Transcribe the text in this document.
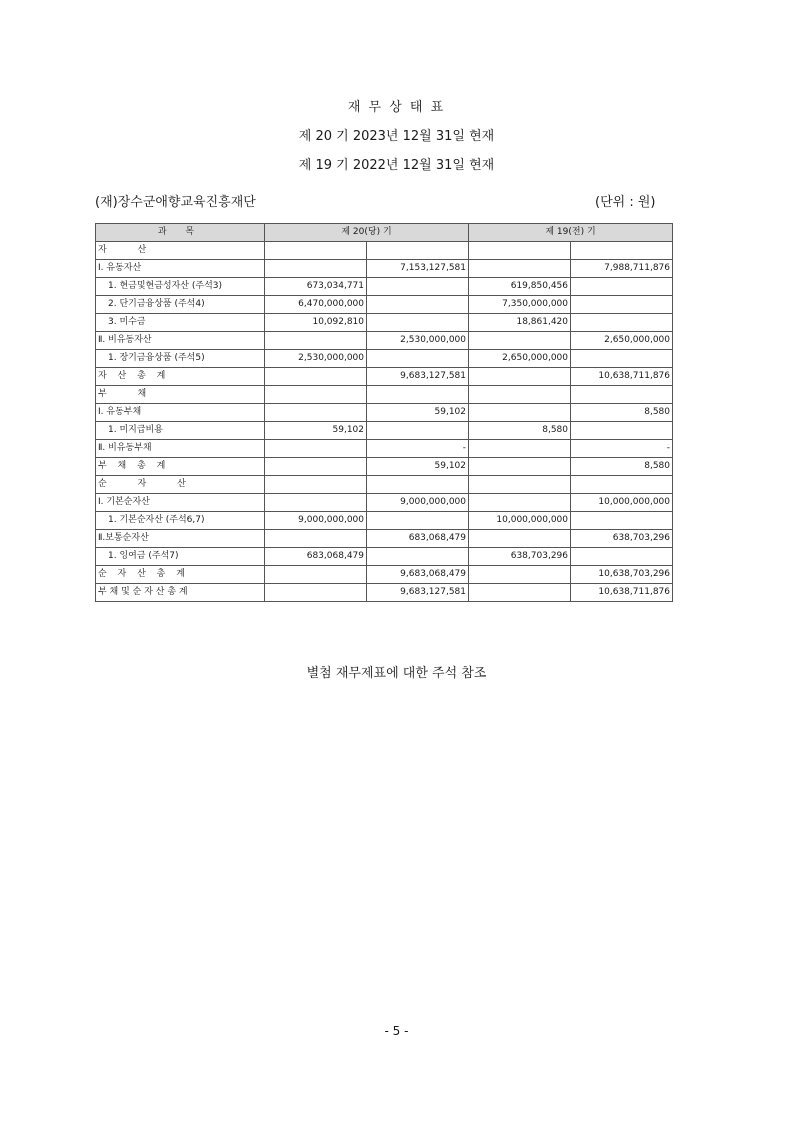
재 무 상 태 표
제 20 기 2023년 12월 31일 현재
제 19 기 2022년 12월 31일 현재
(재)장수군애향교육진흥재단	(단위 : 원)
과 목	제 20(당) 기		제 19(전) 기	
자 산				
Ⅰ. 유동자산		7,153,127,581		7,988,711,876
1. 현금및현금성자산 (주석3)	673,034,771		619,850,456	
2. 단기금융상품 (주석4)	6,470,000,000		7,350,000,000	
3. 미수금	10,092,810		18,861,420	
Ⅱ. 비유동자산		2,530,000,000		2,650,000,000
1. 장기금융상품 (주석5)	2,530,000,000		2,650,000,000	
자 산 총 계		9,683,127,581		10,638,711,876
부 채				
Ⅰ. 유동부채		59,102		8,580
1. 미지급비용	59,102		8,580	
Ⅱ. 비유동부채		-		-
부 채 총 계		59,102		8,580
순 자 산				
Ⅰ. 기본순자산		9,000,000,000		10,000,000,000
1. 기본순자산 (주석6,7)	9,000,000,000		10,000,000,000	
Ⅱ.보통순자산		683,068,479		638,703,296
1. 잉여금 (주석7)	683,068,479		638,703,296	
순 자 산 총 계		9,683,068,479		10,638,703,296
부 채 및 순 자 산 총 계		9,683,127,581		10,638,711,876
별첨 재무제표에 대한 주석 참조
- 5 -
